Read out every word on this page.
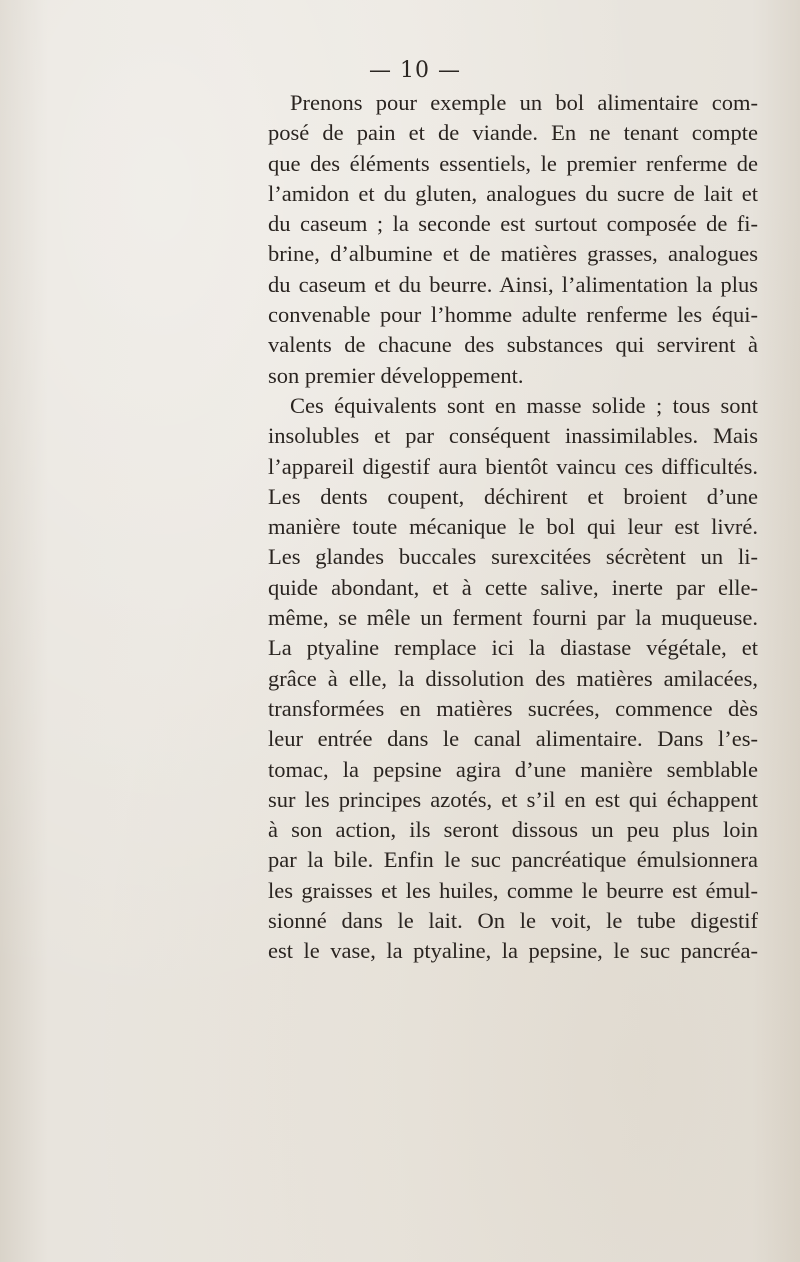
— 10 —
Prenons pour exemple un bol alimentaire com-
posé de pain et de viande. En ne tenant compte
que des éléments essentiels, le premier renferme de
l’amidon et du gluten, analogues du sucre de lait et
du caseum ; la seconde est surtout composée de fi-
brine, d’albumine et de matières grasses, analogues
du caseum et du beurre. Ainsi, l’alimentation la plus
convenable pour l’homme adulte renferme les équi-
valents de chacune des substances qui servirent à
son premier développement.
Ces équivalents sont en masse solide ; tous sont
insolubles et par conséquent inassimilables. Mais
l’appareil digestif aura bientôt vaincu ces difficultés.
Les dents coupent, déchirent et broient d’une
manière toute mécanique le bol qui leur est livré.
Les glandes buccales surexcitées sécrètent un li-
quide abondant, et à cette salive, inerte par elle-
même, se mêle un ferment fourni par la muqueuse.
La ptyaline remplace ici la diastase végétale, et
grâce à elle, la dissolution des matières amilacées,
transformées en matières sucrées, commence dès
leur entrée dans le canal alimentaire. Dans l’es-
tomac, la pepsine agira d’une manière semblable
sur les principes azotés, et s’il en est qui échappent
à son action, ils seront dissous un peu plus loin
par la bile. Enfin le suc pancréatique émulsionnera
les graisses et les huiles, comme le beurre est émul-
sionné dans le lait. On le voit, le tube digestif
est le vase, la ptyaline, la pepsine, le suc pancréa-
